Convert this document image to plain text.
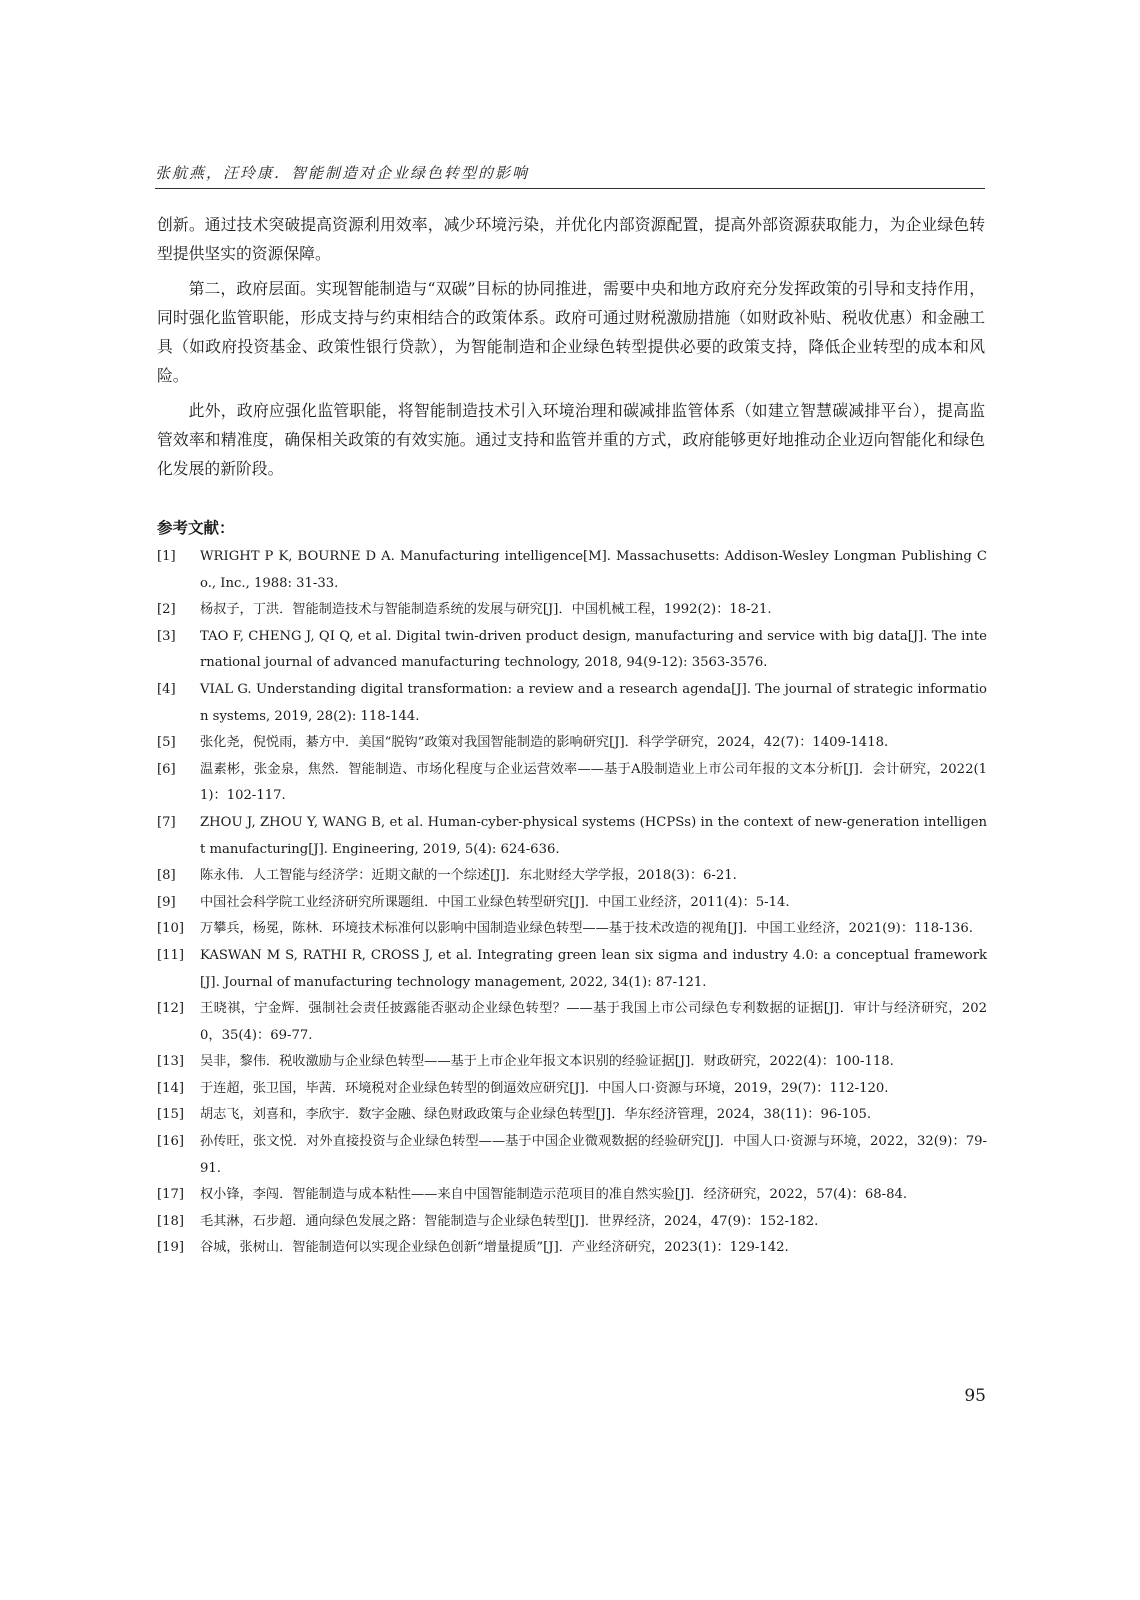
张航燕，汪玲康．智能制造对企业绿色转型的影响

创新。通过技术突破提高资源利用效率，减少环境污染，并优化内部资源配置，提高外部资源获取能力，为企业绿色转型提供坚实的资源保障。

第二，政府层面。实现智能制造与“双碳”目标的协同推进，需要中央和地方政府充分发挥政策的引导和支持作用，同时强化监管职能，形成支持与约束相结合的政策体系。政府可通过财税激励措施（如财政补贴、税收优惠）和金融工具（如政府投资基金、政策性银行贷款），为智能制造和企业绿色转型提供必要的政策支持，降低企业转型的成本和风险。

此外，政府应强化监管职能，将智能制造技术引入环境治理和碳减排监管体系（如建立智慧碳减排平台），提高监管效率和精准度，确保相关政策的有效实施。通过支持和监管并重的方式，政府能够更好地推动企业迈向智能化和绿色化发展的新阶段。

参考文献：
[1]	WRIGHT P K, BOURNE D A. Manufacturing intelligence[M]. Massachusetts: Addison-Wesley Longman Publishing Co., Inc., 1988: 31-33.
[2]	杨叔子，丁洪．智能制造技术与智能制造系统的发展与研究[J]．中国机械工程，1992(2)：18-21.
[3]	TAO F, CHENG J, QI Q, et al. Digital twin-driven product design, manufacturing and service with big data[J]. The international journal of advanced manufacturing technology, 2018, 94(9-12): 3563-3576.
[4]	VIAL G. Understanding digital transformation: a review and a research agenda[J]. The journal of strategic information systems, 2019, 28(2): 118-144.
[5]	张化尧，倪悦雨，綦方中．美国“脱钩”政策对我国智能制造的影响研究[J]．科学学研究，2024，42(7)：1409-1418.
[6]	温素彬，张金泉，焦然．智能制造、市场化程度与企业运营效率——基于A股制造业上市公司年报的文本分析[J]．会计研究，2022(11)：102-117.
[7]	ZHOU J, ZHOU Y, WANG B, et al. Human-cyber-physical systems (HCPSs) in the context of new-generation intelligent manufacturing[J]. Engineering, 2019, 5(4): 624-636.
[8]	陈永伟．人工智能与经济学：近期文献的一个综述[J]．东北财经大学学报，2018(3)：6-21.
[9]	中国社会科学院工业经济研究所课题组．中国工业绿色转型研究[J]．中国工业经济，2011(4)：5-14.
[10]	万攀兵，杨冕，陈林．环境技术标准何以影响中国制造业绿色转型——基于技术改造的视角[J]．中国工业经济，2021(9)：118-136.
[11]	KASWAN M S, RATHI R, CROSS J, et al. Integrating green lean six sigma and industry 4.0: a conceptual framework[J]. Journal of manufacturing technology management, 2022, 34(1): 87-121.
[12]	王晓祺，宁金辉．强制社会责任披露能否驱动企业绿色转型？——基于我国上市公司绿色专利数据的证据[J]．审计与经济研究，2020，35(4)：69-77.
[13]	吴非，黎伟．税收激励与企业绿色转型——基于上市企业年报文本识别的经验证据[J]．财政研究，2022(4)：100-118.
[14]	于连超，张卫国，毕茜．环境税对企业绿色转型的倒逼效应研究[J]．中国人口·资源与环境，2019，29(7)：112-120.
[15]	胡志飞，刘喜和，李欣宇．数字金融、绿色财政政策与企业绿色转型[J]．华东经济管理，2024，38(11)：96-105.
[16]	孙传旺，张文悦．对外直接投资与企业绿色转型——基于中国企业微观数据的经验研究[J]．中国人口·资源与环境，2022，32(9)：79-91.
[17]	权小锋，李闯．智能制造与成本粘性——来自中国智能制造示范项目的准自然实验[J]．经济研究，2022，57(4)：68-84.
[18]	毛其淋，石步超．通向绿色发展之路：智能制造与企业绿色转型[J]．世界经济，2024，47(9)：152-182.
[19]	谷城，张树山．智能制造何以实现企业绿色创新“增量提质”[J]．产业经济研究，2023(1)：129-142.
95
